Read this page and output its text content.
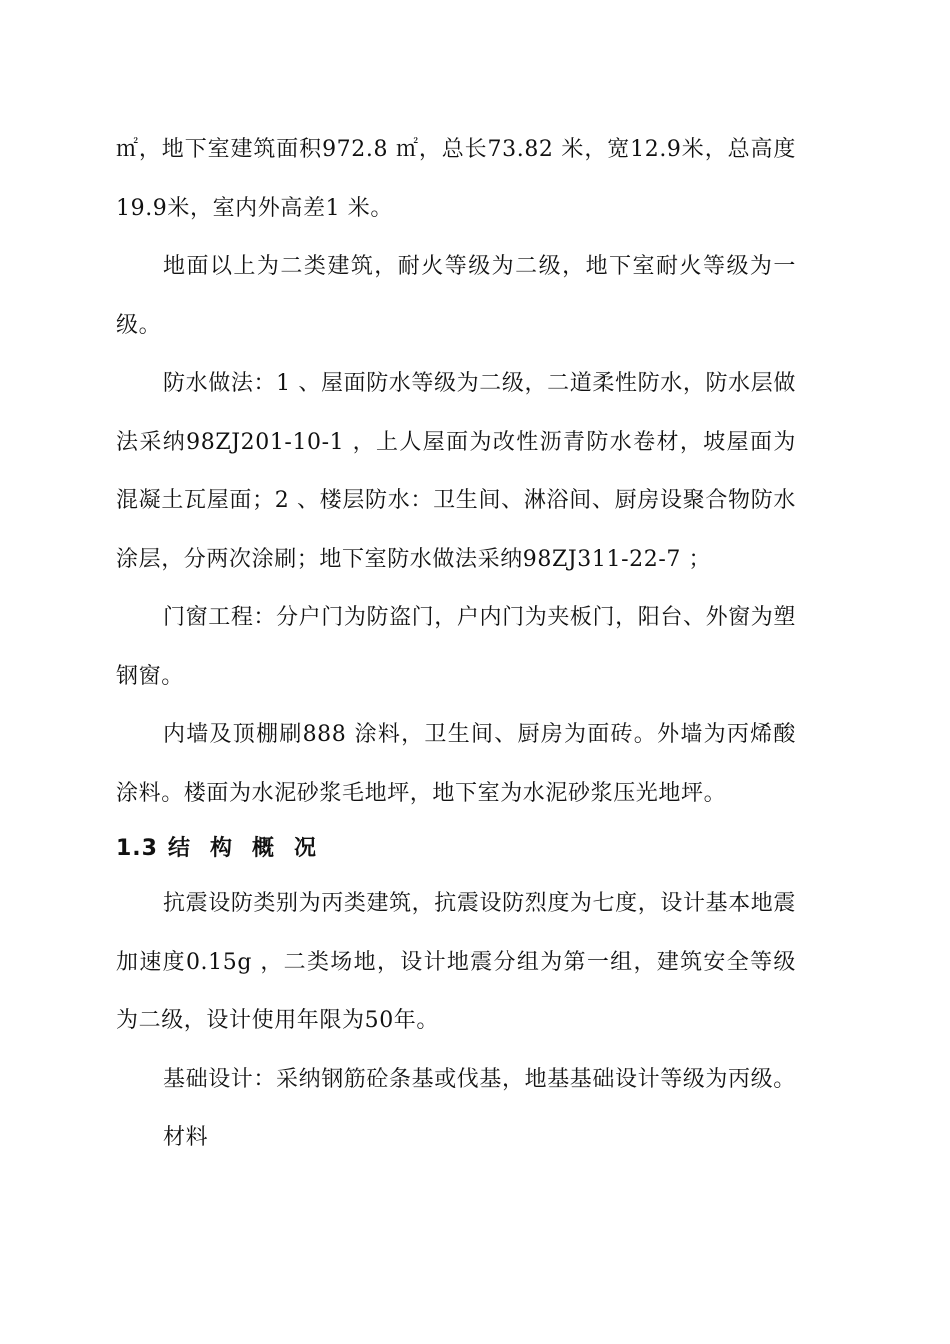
㎡，地下室建筑面积972.8 ㎡，总长73.82 米，宽12.9米，总高度19.9米，室内外高差1 米。

地面以上为二类建筑，耐火等级为二级，地下室耐火等级为一级。

防水做法：1 、屋面防水等级为二级，二道柔性防水，防水层做法采纳98ZJ201-10-1 ，上人屋面为改性沥青防水卷材，坡屋面为混凝土瓦屋面；2 、楼层防水：卫生间、淋浴间、厨房设聚合物防水涂层，分两次涂刷；地下室防水做法采纳98ZJ311-22-7 ；

门窗工程：分户门为防盗门，户内门为夹板门，阳台、外窗为塑钢窗。

内墙及顶棚刷888 涂料，卫生间、厨房为面砖。外墙为丙烯酸涂料。楼面为水泥砂浆毛地坪，地下室为水泥砂浆压光地坪。

1.3 结构概况

抗震设防类别为丙类建筑，抗震设防烈度为七度，设计基本地震加速度0.15g ，二类场地，设计地震分组为第一组，建筑安全等级为二级，设计使用年限为50年。

基础设计：采纳钢筋砼条基或伐基，地基基础设计等级为丙级。

材料
